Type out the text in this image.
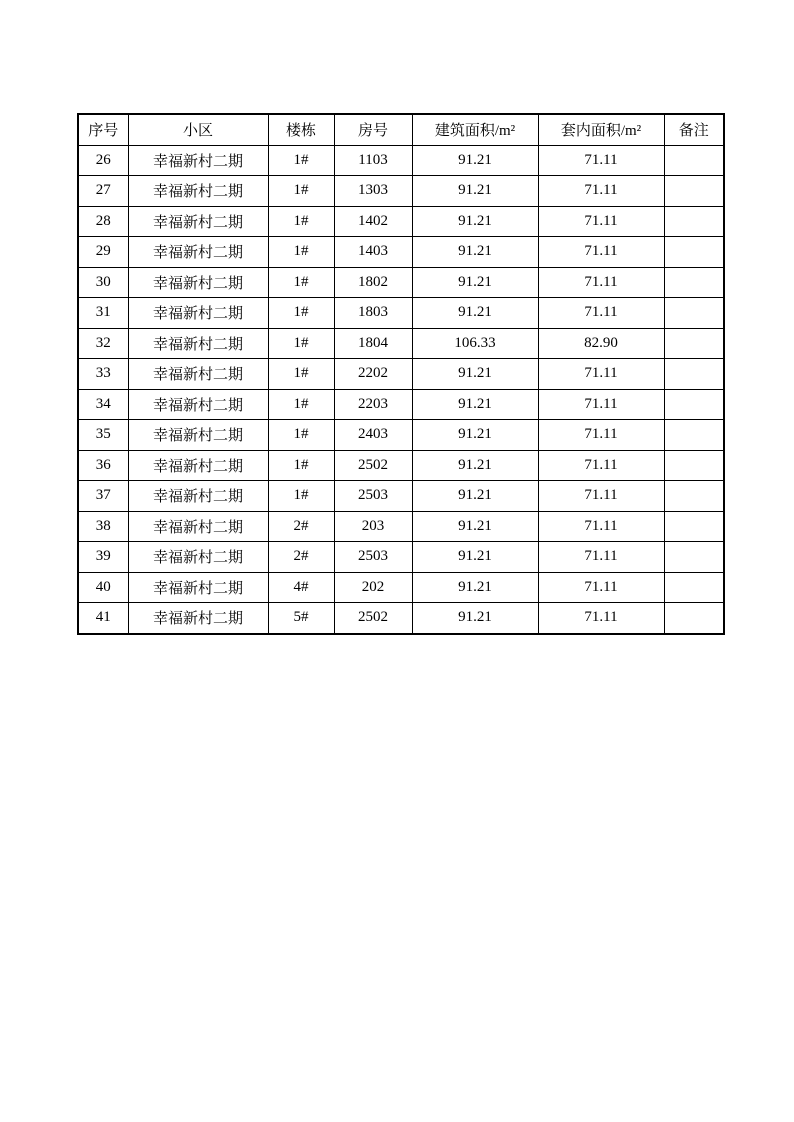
序号	小区	楼栋	房号	建筑面积/m²	套内面积/m²	备注
26	幸福新村二期	1#	1103	91.21	71.11	
27	幸福新村二期	1#	1303	91.21	71.11	
28	幸福新村二期	1#	1402	91.21	71.11	
29	幸福新村二期	1#	1403	91.21	71.11	
30	幸福新村二期	1#	1802	91.21	71.11	
31	幸福新村二期	1#	1803	91.21	71.11	
32	幸福新村二期	1#	1804	106.33	82.90	
33	幸福新村二期	1#	2202	91.21	71.11	
34	幸福新村二期	1#	2203	91.21	71.11	
35	幸福新村二期	1#	2403	91.21	71.11	
36	幸福新村二期	1#	2502	91.21	71.11	
37	幸福新村二期	1#	2503	91.21	71.11	
38	幸福新村二期	2#	203	91.21	71.11	
39	幸福新村二期	2#	2503	91.21	71.11	
40	幸福新村二期	4#	202	91.21	71.11	
41	幸福新村二期	5#	2502	91.21	71.11	
